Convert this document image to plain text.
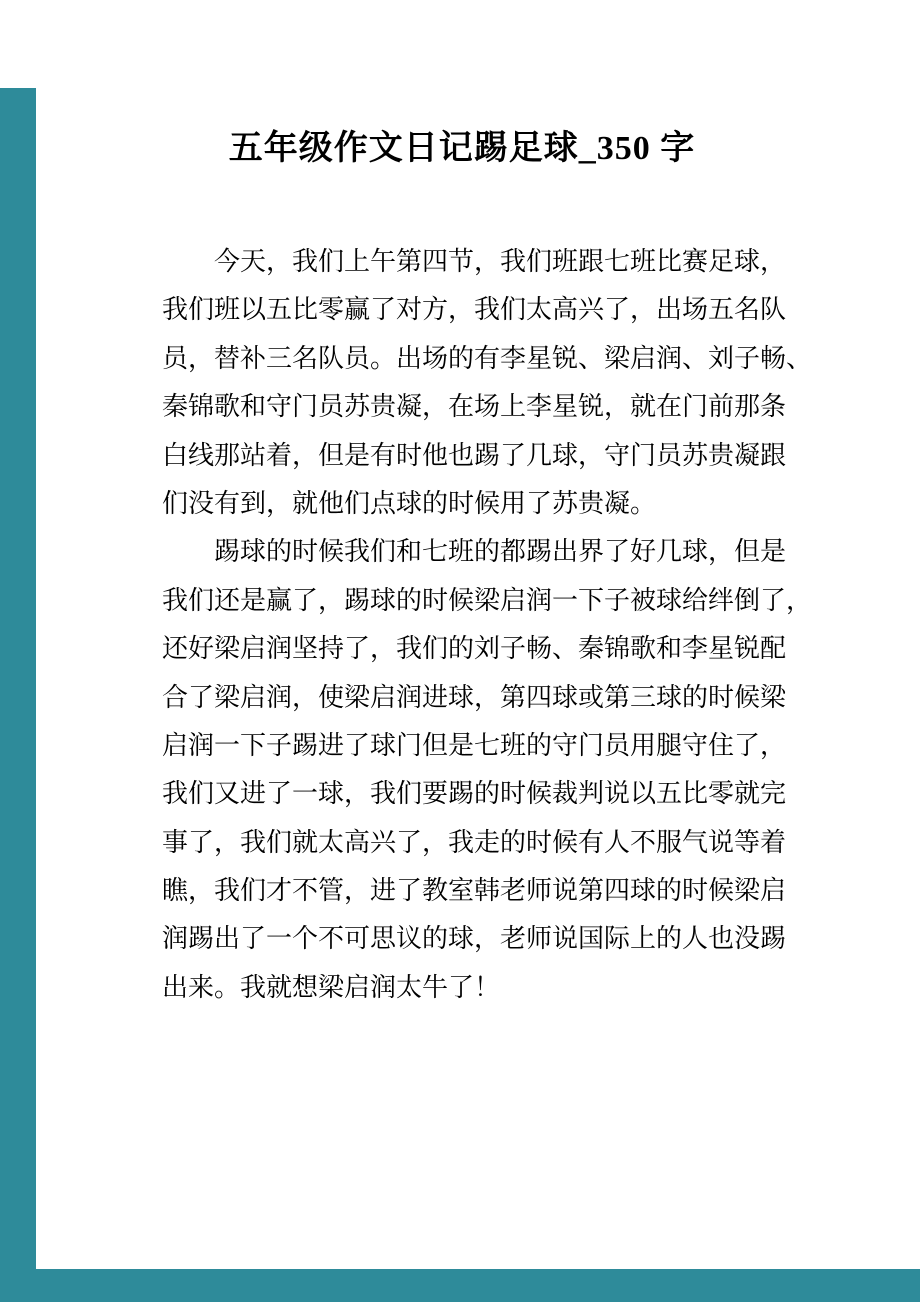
五年级作文日记踢足球_350 字
　　今天，我们上午第四节，我们班跟七班比赛足球，
我们班以五比零赢了对方，我们太高兴了，出场五名队
员，替补三名队员。出场的有李星锐、梁启润、刘子畅、
秦锦歌和守门员苏贵凝，在场上李星锐，就在门前那条
白线那站着，但是有时他也踢了几球，守门员苏贵凝跟
们没有到，就他们点球的时候用了苏贵凝。
　　踢球的时候我们和七班的都踢出界了好几球，但是
我们还是赢了，踢球的时候梁启润一下子被球给绊倒了，
还好梁启润坚持了，我们的刘子畅、秦锦歌和李星锐配
合了梁启润，使梁启润进球，第四球或第三球的时候梁
启润一下子踢进了球门但是七班的守门员用腿守住了，
我们又进了一球，我们要踢的时候裁判说以五比零就完
事了，我们就太高兴了，我走的时候有人不服气说等着
瞧，我们才不管，进了教室韩老师说第四球的时候梁启
润踢出了一个不可思议的球，老师说国际上的人也没踢
出来。我就想梁启润太牛了！
